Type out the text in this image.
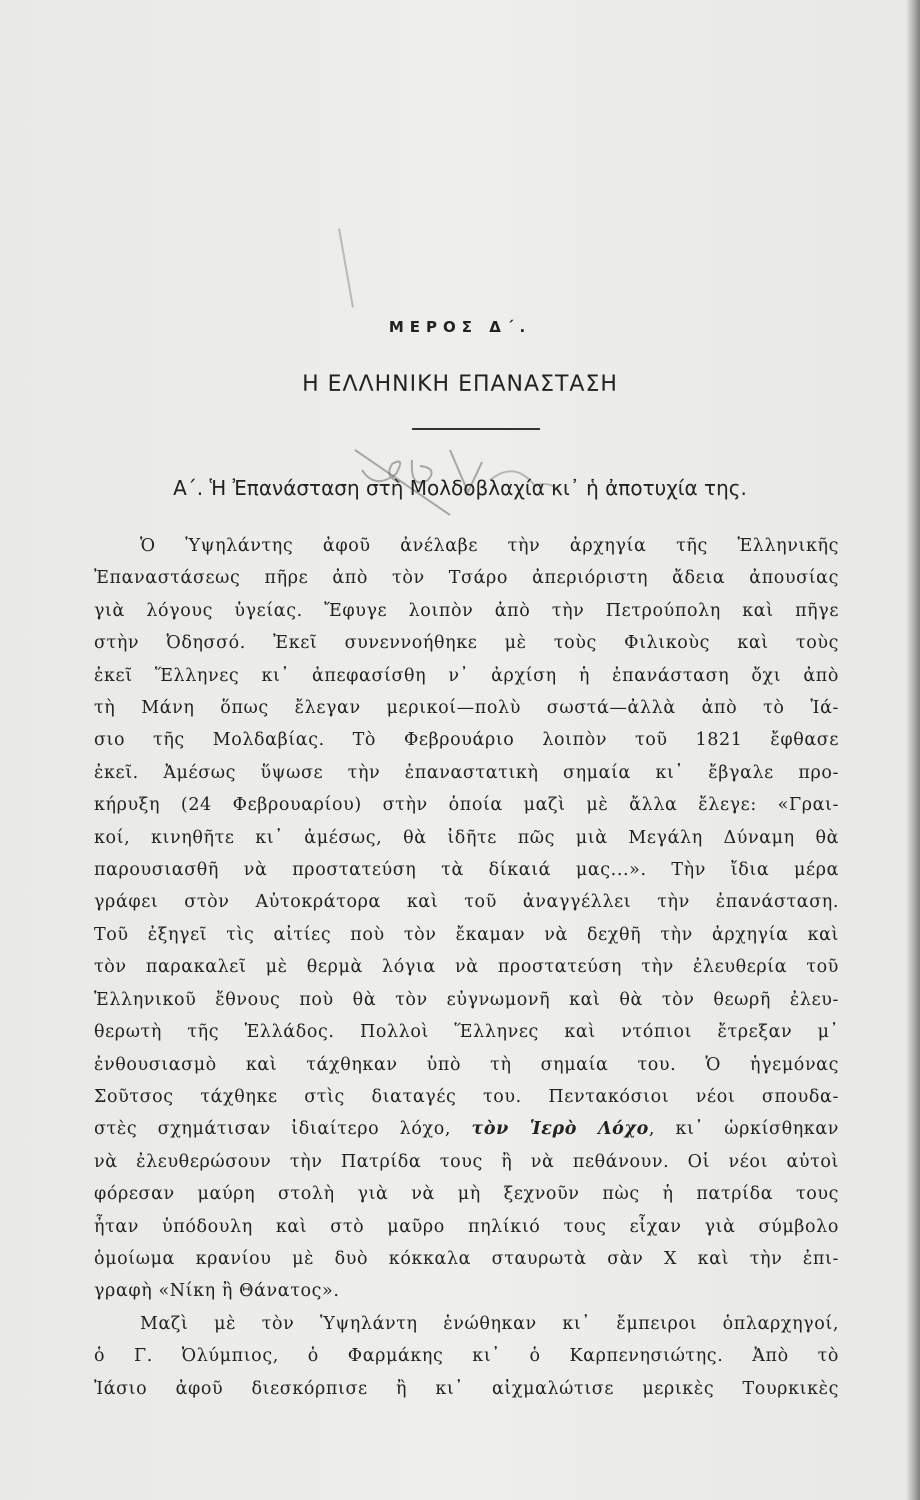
ΜΕΡΟΣ Δ΄.
Η ΕΛΛΗΝΙΚΗ ΕΠΑΝΑΣΤΑΣΗ
Α΄. Ἡ Ἐπανάσταση στὴ Μολδοβλαχία κι᾿ ἡ ἀποτυχία της.

Ὁ Ὑψηλάντης ἀφοῦ ἀνέλαβε τὴν ἀρχηγία τῆς Ἑλληνικῆς
Ἐπαναστάσεως πῆρε ἀπὸ τὸν Τσάρο ἀπεριόριστη ἄδεια ἀπουσίας
γιὰ λόγους ὑγείας. Ἔφυγε λοιπὸν ἀπὸ τὴν Πετρούπολη καὶ πῆγε
στὴν Ὀδησσό. Ἐκεῖ συνεννοήθηκε μὲ τοὺς Φιλικοὺς καὶ τοὺς
ἐκεῖ Ἕλληνες κι᾿ ἀπεφασίσθη ν᾿ ἀρχίση ἡ ἐπανάσταση ὄχι ἀπὸ
τὴ Μάνη ὅπως ἔλεγαν μερικοί—πολὺ σωστά—ἀλλὰ ἀπὸ τὸ Ἰά-
σιο τῆς Μολδαβίας. Τὸ Φεβρουάριο λοιπὸν τοῦ 1821 ἔφθασε
ἐκεῖ. Ἀμέσως ὕψωσε τὴν ἐπαναστατικὴ σημαία κι᾿ ἔβγαλε προ-
κήρυξη (24 Φεβρουαρίου) στὴν ὁποία μαζὶ μὲ ἄλλα ἔλεγε: «Γραι-
κοί, κινηθῆτε κι᾿ ἀμέσως, θὰ ἰδῆτε πῶς μιὰ Μεγάλη Δύναμη θὰ
παρουσιασθῆ νὰ προστατεύση τὰ δίκαιά μας...». Τὴν ἴδια μέρα
γράφει στὸν Αὐτοκράτορα καὶ τοῦ ἀναγγέλλει τὴν ἐπανάσταση.
Τοῦ ἐξηγεῖ τὶς αἰτίες ποὺ τὸν ἔκαμαν νὰ δεχθῆ τὴν ἀρχηγία καὶ
τὸν παρακαλεῖ μὲ θερμὰ λόγια νὰ προστατεύση τὴν ἐλευθερία τοῦ
Ἑλληνικοῦ ἔθνους ποὺ θὰ τὸν εὐγνωμονῆ καὶ θὰ τὸν θεωρῆ ἐλευ-
θερωτὴ τῆς Ἑλλάδος. Πολλοὶ Ἕλληνες καὶ ντόπιοι ἔτρεξαν μ᾿
ἐνθουσιασμὸ καὶ τάχθηκαν ὑπὸ τὴ σημαία του. Ὁ ἡγεμόνας
Σοῦτσος τάχθηκε στὶς διαταγές του. Πεντακόσιοι νέοι σπουδα-
στὲς σχημάτισαν ἰδιαίτερο λόχο, τὸν Ἱερὸ Λόχο, κι᾿ ὡρκίσθηκαν
νὰ ἐλευθερώσουν τὴν Πατρίδα τους ἢ νὰ πεθάνουν. Οἱ νέοι αὐτοὶ
φόρεσαν μαύρη στολὴ γιὰ νὰ μὴ ξεχνοῦν πὼς ἡ πατρίδα τους
ἦταν ὑπόδουλη καὶ στὸ μαῦρο πηλίκιό τους εἶχαν γιὰ σύμβολο
ὁμοίωμα κρανίου μὲ δυὸ κόκκαλα σταυρωτὰ σὰν Χ καὶ τὴν ἐπι-
γραφὴ «Νίκη ἢ Θάνατος».

Μαζὶ μὲ τὸν Ὑψηλάντη ἑνώθηκαν κι᾿ ἔμπειροι ὁπλαρχηγοί,
ὁ Γ. Ὀλύμπιος, ὁ Φαρμάκης κι᾿ ὁ Καρπενησιώτης. Ἀπὸ τὸ
Ἰάσιο ἀφοῦ διεσκόρπισε ἢ κι᾿ αἰχμαλώτισε μερικὲς Τουρκικὲς
